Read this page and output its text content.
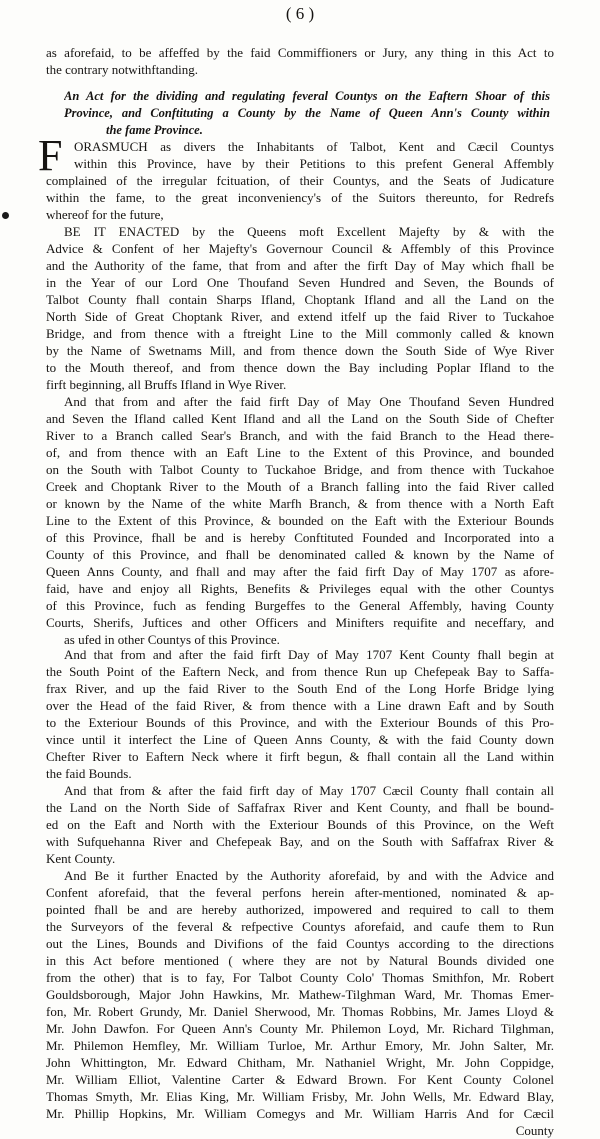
( 6 )
as aforefaid, to be affeffed by the faid Commiffioners or Jury, any thing in this Act to
the contrary notwithftanding.
An Act for the dividing and regulating feveral Countys on the Eaftern Shoar of this
Province, and Conftituting a County by the Name of Queen Ann's County within
the fame Province.
F ORASMUCH as divers the Inhabitants of Talbot, Kent and Cæcil Countys
within this Province, have by their Petitions to this prefent General Affembly
complained of the irregular fcituation, of their Countys, and the Seats of Judicature
within the fame, to the great inconveniency's of the Suitors thereunto, for Redrefs
whereof for the future,
BE IT ENACTED by the Queens moft Excellent Majefty by & with the
Advice & Confent of her Majefty's Governour Council & Affembly of this Province
and the Authority of the fame, that from and after the firft Day of May which fhall be
in the Year of our Lord One Thoufand Seven Hundred and Seven, the Bounds of
Talbot County fhall contain Sharps Ifland, Choptank Ifland and all the Land on the
North Side of Great Choptank River, and extend itfelf up the faid River to Tuckahoe
Bridge, and from thence with a ftreight Line to the Mill commonly called & known
by the Name of Swetnams Mill, and from thence down the South Side of Wye River
to the Mouth thereof, and from thence down the Bay including Poplar Ifland to the
firft beginning, all Bruffs Ifland in Wye River.
And that from and after the faid firft Day of May One Thoufand Seven Hundred
and Seven the Ifland called Kent Ifland and all the Land on the South Side of Chefter
River to a Branch called Sear's Branch, and with the faid Branch to the Head there-
of, and from thence with an Eaft Line to the Extent of this Province, and bounded
on the South with Talbot County to Tuckahoe Bridge, and from thence with Tuckahoe
Creek and Choptank River to the Mouth of a Branch falling into the faid River called
or known by the Name of the white Marfh Branch, & from thence with a North Eaft
Line to the Extent of this Province, & bounded on the Eaft with the Exteriour Bounds
of this Province, fhall be and is hereby Conftituted Founded and Incorporated into a
County of this Province, and fhall be denominated called & known by the Name of
Queen Anns County, and fhall and may after the faid firft Day of May 1707 as afore-
faid, have and enjoy all Rights, Benefits & Privileges equal with the other Countys
of this Province, fuch as fending Burgeffes to the General Affembly, having County
Courts, Sherifs, Juftices and other Officers and Minifters requifite and neceffary, and
as ufed in other Countys of this Province.
And that from and after the faid firft Day of May 1707 Kent County fhall begin at
the South Point of the Eaftern Neck, and from thence Run up Chefepeak Bay to Saffa-
frax River, and up the faid River to the South End of the Long Horfe Bridge lying
over the Head of the faid River, & from thence with a Line drawn Eaft and by South
to the Exteriour Bounds of this Province, and with the Exteriour Bounds of this Pro-
vince until it interfect the Line of Queen Anns County, & with the faid County down
Chefter River to Eaftern Neck where it firft begun, & fhall contain all the Land within
the faid Bounds.
And that from & after the faid firft day of May 1707 Cæcil County fhall contain all
the Land on the North Side of Saffafrax River and Kent County, and fhall be bound-
ed on the Eaft and North with the Exteriour Bounds of this Province, on the Weft
with Sufquehanna River and Chefepeak Bay, and on the South with Saffafrax River &
Kent County.
And Be it further Enacted by the Authority aforefaid, by and with the Advice and
Confent aforefaid, that the feveral perfons herein after-mentioned, nominated & ap-
pointed fhall be and are hereby authorized, impowered and required to call to them
the Surveyors of the feveral & refpective Countys aforefaid, and caufe them to Run
out the Lines, Bounds and Divifions of the faid Countys according to the directions
in this Act before mentioned ( where they are not by Natural Bounds divided one
from the other) that is to fay, For Talbot County Colo' Thomas Smithfon, Mr. Robert
Gouldsborough, Major John Hawkins, Mr. Mathew-Tilghman Ward, Mr. Thomas Emer-
fon, Mr. Robert Grundy, Mr. Daniel Sherwood, Mr. Thomas Robbins, Mr. James Lloyd &
Mr. John Dawfon. For Queen Ann's County Mr. Philemon Loyd, Mr. Richard Tilghman,
Mr. Philemon Hemfley, Mr. William Turloe, Mr. Arthur Emory, Mr. John Salter, Mr.
John Whittington, Mr. Edward Chitham, Mr. Nathaniel Wright, Mr. John Coppidge,
Mr. William Elliot, Valentine Carter & Edward Brown. For Kent County Colonel
Thomas Smyth, Mr. Elias King, Mr. William Frisby, Mr. John Wells, Mr. Edward Blay,
Mr. Phillip Hopkins, Mr. William Comegys and Mr. William Harris And for Cæcil
County
